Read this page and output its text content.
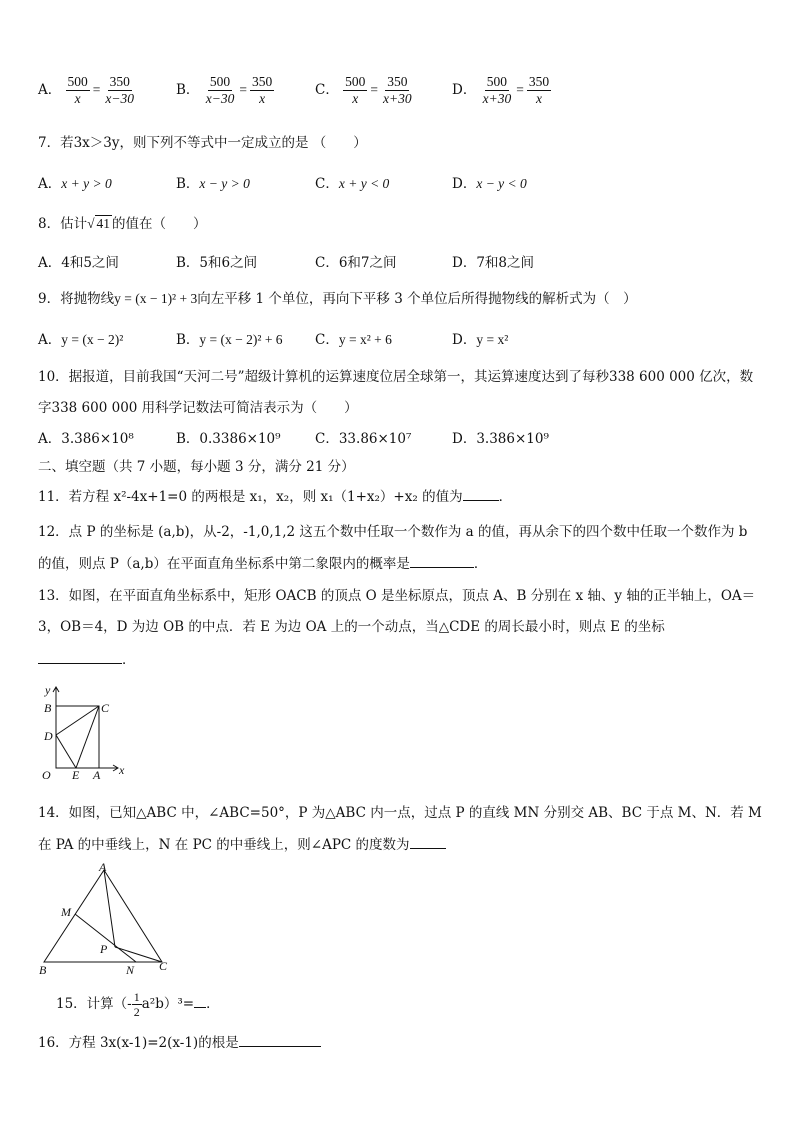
A． $\frac{500}{x} = \frac{350}{x-30}$	B． $\frac{500}{x-30} = \frac{350}{x}$	C． $\frac{500}{x} = \frac{350}{x+30}$	D． $\frac{500}{x+30} = \frac{350}{x}$
7．若3x＞3y，则下列不等式中一定成立的是 （　　）
A．x + y > 0	B．x − y > 0	C．x + y < 0	D．x − y < 0
8．估计√ 41 的值在（　　）
A．4和5之间	B．5和6之间	C．6和7之间	D．7和8之间
9．将抛物线y = (x − 1)² + 3向左平移 1 个单位，再向下平移 3 个单位后所得抛物线的解析式为（　）
A．y = (x − 2)²	B．y = (x − 2)² + 6 C．y = x² + 6	D．y = x²
10．据报道，目前我国“天河二号”超级计算机的运算速度位居全球第一，其运算速度达到了每秒338 600 000 亿次，数
字338 600 000 用科学记数法可简洁表示为（　　）
A．3.386×10⁸	B．0.3386×10⁹	C．33.86×10⁷	D．3.386×10⁹
二、填空题（共 7 小题，每小题 3 分，满分 21 分）
11．若方程 x²-4x+1=0 的两根是 x₁，x₂，则 x₁（1+x₂）+x₂ 的值为	．
12．点 P 的坐标是 (a,b)，从-2，-1,0,1,2 这五个数中任取一个数作为 a 的值，再从余下的四个数中任取一个数作为 b
的值，则点 P（a,b）在平面直角坐标系中第二象限内的概率是	．
13．如图，在平面直角坐标系中，矩形 OACB 的顶点 O 是坐标原点，顶点 A、B 分别在 x 轴、y 轴的正半轴上，OA＝
3，OB＝4，D 为边 OB 的中点．若 E 为边 OA 上的一个动点，当△CDE 的周长最小时，则点 E 的坐标
．
y
x
B	C
D
O E A
14．如图，已知△ABC 中，∠ABC=50°，P 为△ABC 内一点，过点 P 的直线 MN 分别交 AB、BC 于点 M、N．若 M
在 PA 的中垂线上，N 在 PC 的中垂线上，则∠APC 的度数为
A
M
P
B	N C
15．计算（- $\frac{1}{2} a^2b)^3=$ ．
16．方程 3x(x-1)=2(x-1)的根是
